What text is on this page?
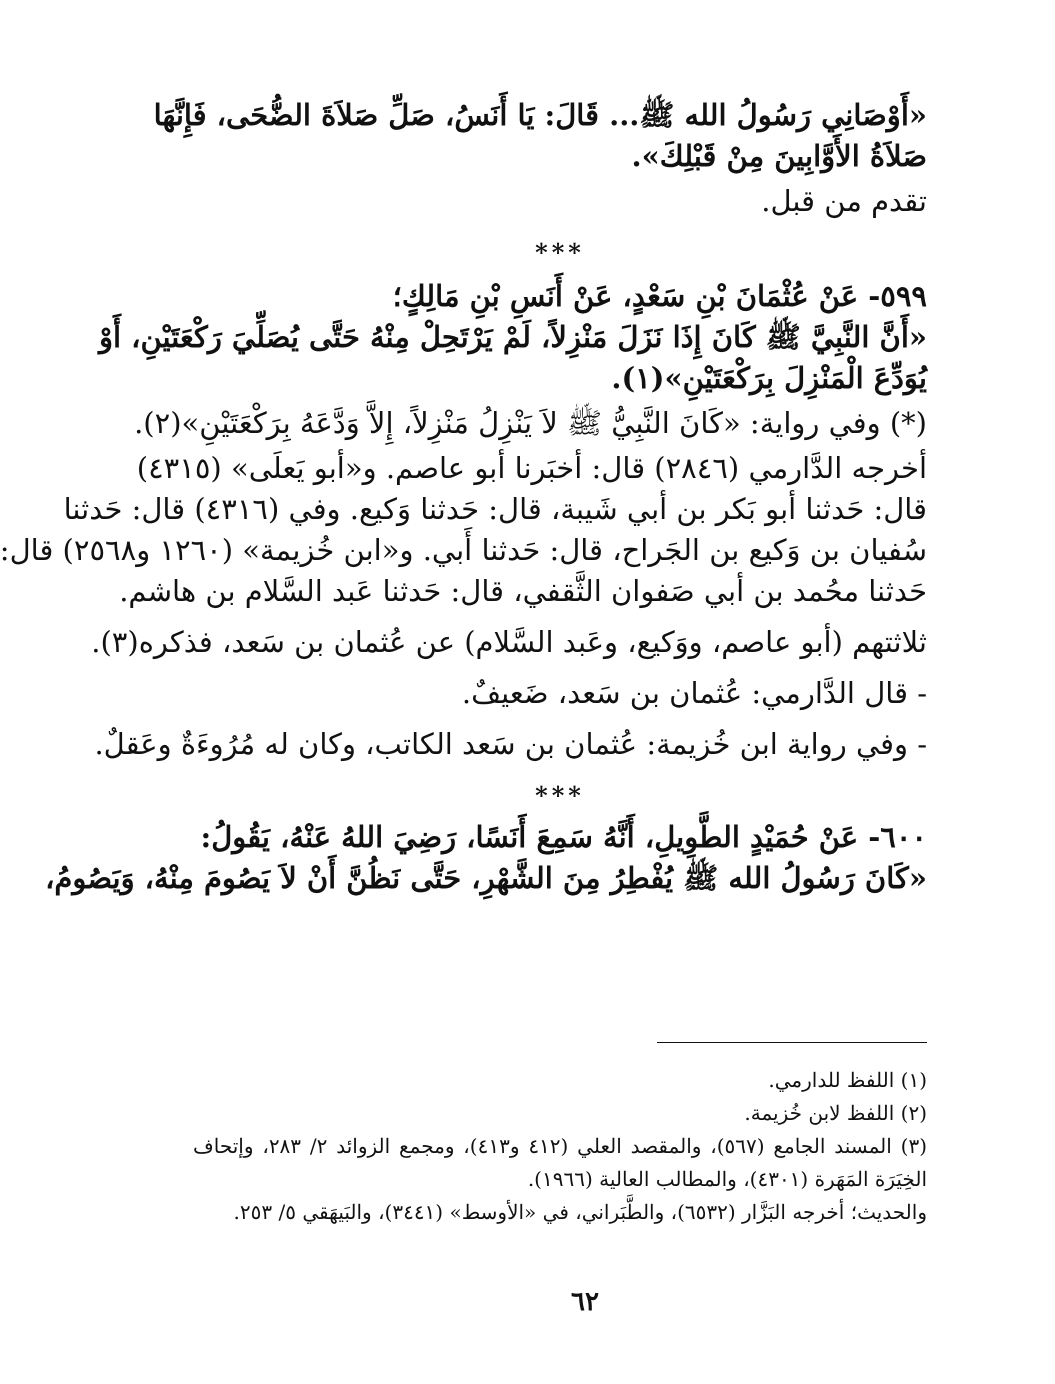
«أَوْصَانِي رَسُولُ الله ﷺ... قَالَ: يَا أَنَسُ، صَلِّ صَلاَةَ الضُّحَى، فَإِنَّهَا
صَلاَةُ الأَوَّابِينَ مِنْ قَبْلِكَ».
تقدم من قبل.
***
٥٩٩- عَنْ عُثْمَانَ بْنِ سَعْدٍ، عَنْ أَنَسِ بْنِ مَالِكٍ؛
«أَنَّ النَّبِيَّ ﷺ كَانَ إِذَا نَزَلَ مَنْزِلاً، لَمْ يَرْتَحِلْ مِنْهُ حَتَّى يُصَلِّيَ رَكْعَتَيْنِ، أَوْ
يُوَدِّعَ الْمَنْزِلَ بِرَكْعَتَيْنِ»(١).
(*) وفي رواية: «كَانَ النَّبِيُّ ﷺ لاَ يَنْزِلُ مَنْزِلاً، إِلاَّ وَدَّعَهُ بِرَكْعَتَيْنِ»(٢).
أخرجه الدَّارمي (٢٨٤٦) قال: أخبَرنا أبو عاصم. و«أبو يَعلَى» (٤٣١٥)
قال: حَدثنا أبو بَكر بن أبي شَيبة، قال: حَدثنا وَكيع. وفي (٤٣١٦) قال: حَدثنا
سُفيان بن وَكيع بن الجَراح، قال: حَدثنا أَبي. و«ابن خُزيمة» (١٢٦٠ و٢٥٦٨) قال:
حَدثنا محُمد بن أبي صَفوان الثَّقفي، قال: حَدثنا عَبد السَّلام بن هاشم.
ثلاثتهم (أبو عاصم، ووَكيع، وعَبد السَّلام) عن عُثمان بن سَعد، فذكره(٣).
- قال الدَّارمي: عُثمان بن سَعد، ضَعيفٌ.
- وفي رواية ابن خُزيمة: عُثمان بن سَعد الكاتب، وكان له مُرُوءَةٌ وعَقلٌ.
***
٦٠٠- عَنْ حُمَيْدٍ الطَّوِيلِ، أَنَّهُ سَمِعَ أَنَسًا، رَضِيَ اللهُ عَنْهُ، يَقُولُ:
«كَانَ رَسُولُ الله ﷺ يُفْطِرُ مِنَ الشَّهْرِ، حَتَّى نَظُنَّ أَنْ لاَ يَصُومَ مِنْهُ، وَيَصُومُ،
(١) اللفظ للدارمي.
(٢) اللفظ لابن خُزيمة.
(٣) المسند الجامع (٥٦٧)، والمقصد العلي (٤١٢ و٤١٣)، ومجمع الزوائد ٢/ ٢٨٣، وإتحاف
الخِيَرَة المَهَرة (٤٣٠١)، والمطالب العالية (١٩٦٦).
والحديث؛ أخرجه البَزَّار (٦٥٣٢)، والطَّبَراني، في «الأوسط» (٣٤٤١)، والبَيهَقي ٥/ ٢٥٣.
٦٢
